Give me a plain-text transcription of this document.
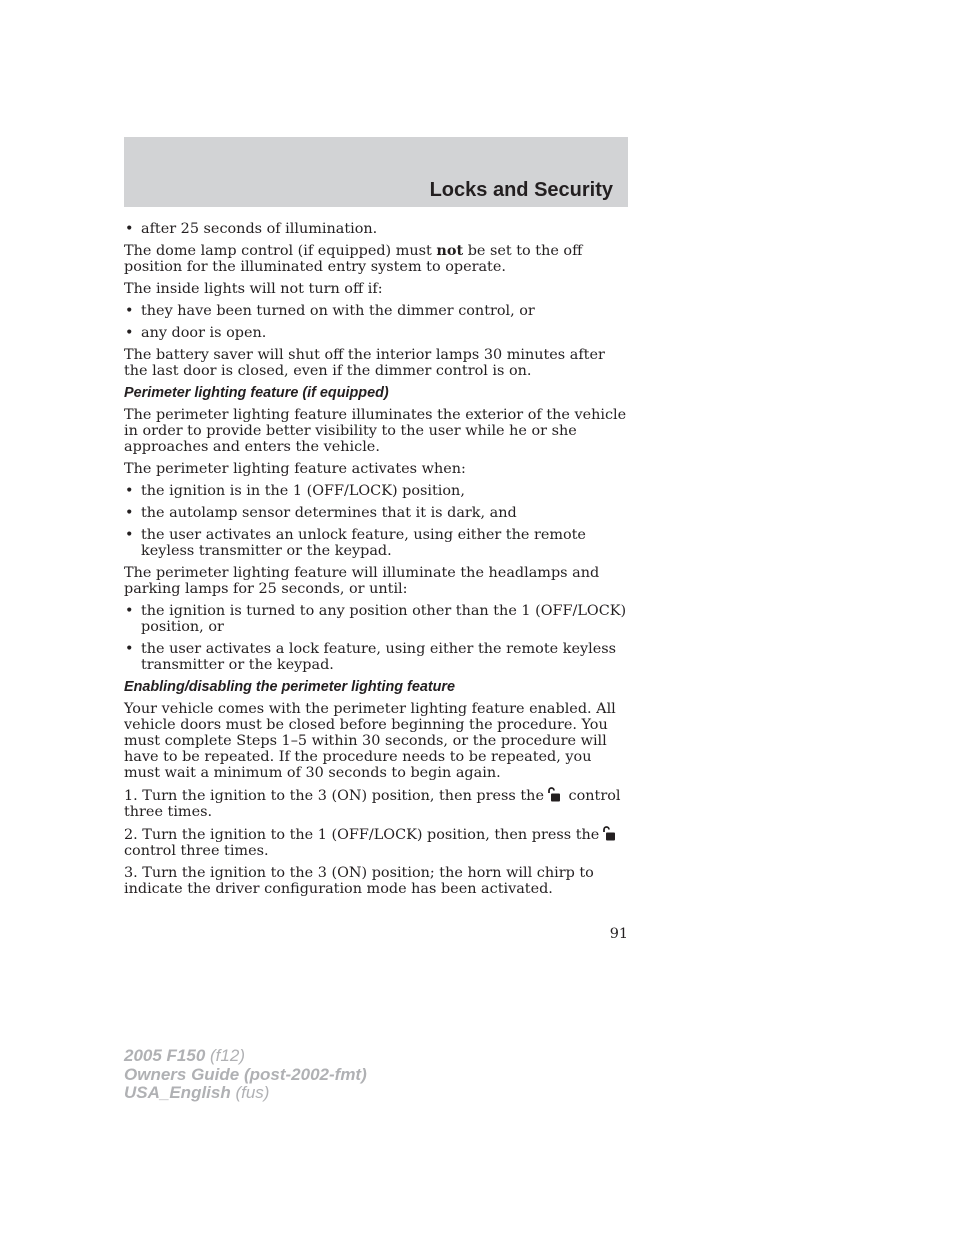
Locks and Security
• after 25 seconds of illumination.

The dome lamp control (if equipped) must not be set to the off position for the illuminated entry system to operate.

The inside lights will not turn off if:

• they have been turned on with the dimmer control, or
• any door is open.

The battery saver will shut off the interior lamps 30 minutes after the last door is closed, even if the dimmer control is on.

Perimeter lighting feature (if equipped)

The perimeter lighting feature illuminates the exterior of the vehicle in order to provide better visibility to the user while he or she approaches and enters the vehicle.

The perimeter lighting feature activates when:

• the ignition is in the 1 (OFF/LOCK) position,
• the autolamp sensor determines that it is dark, and
• the user activates an unlock feature, using either the remote keyless transmitter or the keypad.

The perimeter lighting feature will illuminate the headlamps and parking lamps for 25 seconds, or until:

• the ignition is turned to any position other than the 1 (OFF/LOCK) position, or
• the user activates a lock feature, using either the remote keyless transmitter or the keypad.
Enabling/disabling the perimeter lighting feature

Your vehicle comes with the perimeter lighting feature enabled. All vehicle doors must be closed before beginning the procedure. You must complete Steps 1–5 within 30 seconds, or the procedure will have to be repeated. If the procedure needs to be repeated, you must wait a minimum of 30 seconds to begin again.

1. Turn the ignition to the 3 (ON) position, then press the control three times.

2. Turn the ignition to the 1 (OFF/LOCK) position, then press the control three times.

3. Turn the ignition to the 3 (ON) position; the horn will chirp to indicate the driver configuration mode has been activated.

91
2005 F150 (f12)
Owners Guide (post-2002-fmt)
USA_English (fus)
